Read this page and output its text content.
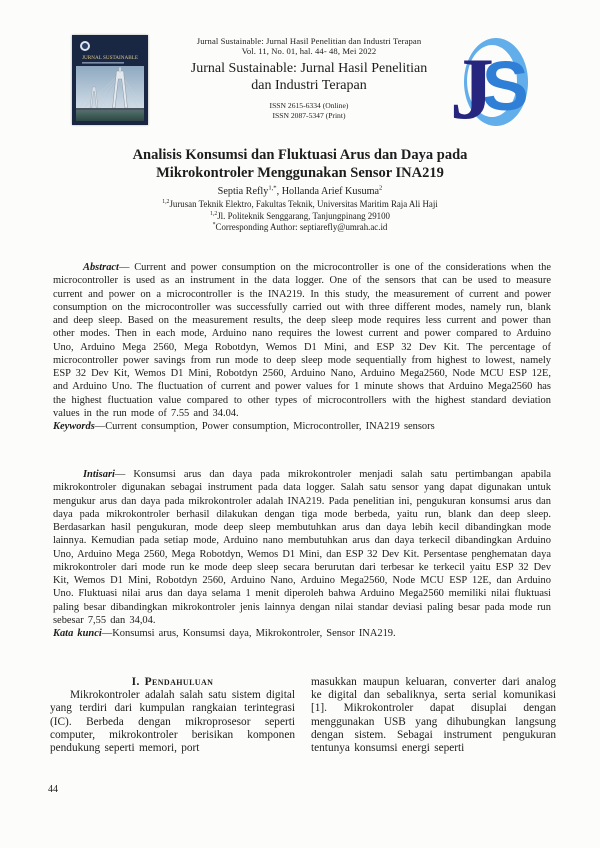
JURNAL SUSTAINABLE
Jurnal Sustainable: Jurnal Hasil Penelitian dan Industri Terapan
Vol. 11, No. 01, hal. 44- 48, Mei 2022
Jurnal Sustainable: Jurnal Hasil Penelitian
dan Industri Terapan
ISSN 2615-6334 (Online)
ISSN 2087-5347 (Print)	S
J
Analisis Konsumsi dan Fluktuasi Arus dan Daya pada
Mikrokontroler Menggunakan Sensor INA219
Septia Refly$^{1,*}$, Hollanda Arief Kusuma$^2$
$^{1,2}$Jurusan Teknik Elektro, Fakultas Teknik, Universitas Maritim Raja Ali Haji
$^{1,2}$Jl. Politeknik Senggarang, Tanjungpinang 29100
*Corresponding Author: septiarefly@umrah.ac.id

Abstract— Current and power consumption on the microcontroller is one of the considerations when the microcontroller is used as an instrument in the data logger. One of the sensors that can be used to measure current and power on a microcontroller is the INA219. In this study, the measurement of current and power consumption on the microcontroller was successfully carried out with three different modes, namely run, blank and deep sleep. Based on the measurement results, the deep sleep mode requires less current and power than other modes. Then in each mode, Arduino nano requires the lowest current and power compared to Arduino Uno, Arduino Mega 2560, Mega Robotdyn, Wemos D1 Mini, and ESP 32 Dev Kit. The percentage of microcontroller power savings from run mode to deep sleep mode sequentially from highest to lowest, namely ESP 32 Dev Kit, Wemos D1 Mini, Robotdyn 2560, Arduino Nano, Arduino Mega2560, Node MCU ESP 12E, and Arduino Uno. The fluctuation of current and power values for 1 minute shows that Arduino Mega2560 has the highest fluctuation value compared to other types of microcontrollers with the highest standard deviation values in the run mode of 7.55 and 34.04.

Keywords—Current consumption, Power consumption, Microcontroller, INA219 sensors

Intisari— Konsumsi arus dan daya pada mikrokontroler menjadi salah satu pertimbangan apabila mikrokontroler digunakan sebagai instrument pada data logger. Salah satu sensor yang dapat digunakan untuk mengukur arus dan daya pada mikrokontroler adalah INA219. Pada penelitian ini, pengukuran konsumsi arus dan daya pada mikrokontroler berhasil dilakukan dengan tiga mode berbeda, yaitu run, blank dan deep sleep. Berdasarkan hasil pengukuran, mode deep sleep membutuhkan arus dan daya lebih kecil dibandingkan mode lainnya. Kemudian pada setiap mode, Arduino nano membutuhkan arus dan daya terkecil dibandingkan Arduino Uno, Arduino Mega 2560, Mega Robotdyn, Wemos D1 Mini, dan ESP 32 Dev Kit. Persentase penghematan daya mikrokontroler dari mode run ke mode deep sleep secara berurutan dari terbesar ke terkecil yaitu ESP 32 Dev Kit, Wemos D1 Mini, Robotdyn 2560, Arduino Nano, Arduino Mega2560, Node MCU ESP 12E, dan Arduino Uno. Fluktuasi nilai arus dan daya selama 1 menit diperoleh bahwa Arduino Mega2560 memiliki nilai fluktuasi paling besar dibandingkan mikrokontroler jenis lainnya dengan nilai standar deviasi paling besar pada mode run sebesar 7,55 dan 34,04.

Kata kunci—Konsumsi arus, Konsumsi daya, Mikrokontroler, Sensor INA219.

I. Pendahuluan

Mikrokontroler adalah salah satu sistem digital yang terdiri dari kumpulan rangkaian terintegrasi (IC). Berbeda dengan mikroprosesor seperti computer, mikrokontroler berisikan komponen pendukung seperti memori, port

masukkan maupun keluaran, converter dari analog ke digital dan sebaliknya, serta serial komunikasi [1]. Mikrokontroler dapat disuplai dengan menggunakan USB yang dihubungkan langsung dengan sistem. Sebagai instrument pengukuran tentunya konsumsi energi seperti

44
